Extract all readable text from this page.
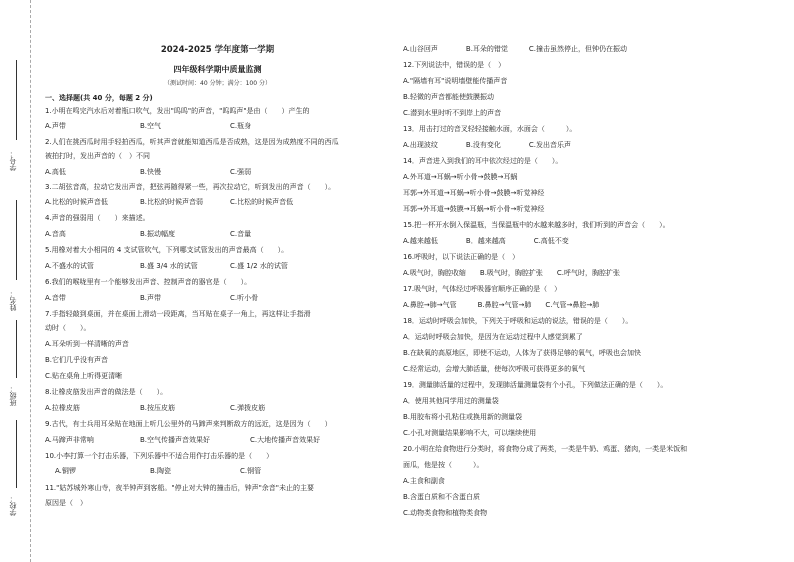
学号：
姓名：
班级：
学校：
2024-2025 学年度第一学期
四年级科学期中质量监测
（测试时间：40 分钟；满分：100 分）
一、选择题(共 40 分，每题 2 分)
1.小明在鸣完汽水后对着瓶口吹气，发出"呜呜"的声音，"呜呜声"是由（　　）产生的
A.声带	B.空气	C.瓶身
2.人们在挑西瓜时用手轻拍西瓜，听其声音就能知道西瓜是否成熟，这是因为成熟度不同的西瓜
被拍打时，发出声音的（　）不同
A.高低	B.快慢	C.强弱
3.二胡弦音高，拉动它发出声音，把弦再随得紧一些，再次拉动它，听到发出的声音（　　）。
A.比松的时候声音低	B.比松的时候声音弱	C.比松的时候声音低
4.声音的强弱用（　　）来描述。
A.音高	B.振动幅度	C.音量
5.用橡对着大小相同的 4 支试管吹气，下列哪支试管发出的声音最高（　　）。
A.不盛水的试管	B.盛 3/4 水的试管	C.盛 1/2 水的试管
6.我们的喉咙里有一个能够发出声音、控制声音的器官是（　　）。
A.音带	B.声带	C.听小骨
7.手指轻敲到桌面，并在桌面上滑动一段距离，当耳贴在桌子一角上，再这样让手指滑
动时（　　）。
A.耳朵听到一样清晰的声音
B.它们几乎没有声音
C.贴在桌角上听得更清晰
8.让橡皮筋发出声音的做法是（　　）。
A.拉橡皮筋	B.按压皮筋	C.弹拨皮筋
9.古代，有士兵用耳朵贴在地面上听几公里外的马蹄声来判断敌方的远近，这是因为（　　）
A.马蹄声非常响	B.空气传播声音效果好	C.大地传播声音效果好
10.小李打算一个打击乐器，下列乐器中不适合用作打击乐器的是（　　）
A.铜锣	B.陶瓷	C.钢管
11."姑苏城外寒山寺，夜半钟声到客船。"停止对大钟的撞击后，钟声"余音"未止的主要
原因是（　）
A.山谷回声　　　　B.耳朵的错觉　　　C.撞击虽然停止，但钟仍在振动
12.下列说法中，错误的是（　）
A."隔墙有耳"说明墙壁能传播声音
B.轻微的声音都能使鼓膜振动
C.潜到水里时听不到岸上的声音
13．用击打过的音叉轻轻接触水面，水面会（　　　）。
A.出现波纹　　　　B.没有变化　　　　C.发出音乐声
14．声音进入到我们的耳中依次经过的是（　　）。
A.外耳道→耳蜗→听小骨→鼓膜→耳蜗
耳郭→外耳道→耳蜗→听小骨→鼓膜→听觉神经
耳郭→外耳道→鼓膜→耳蜗→听小骨→听觉神经
15.把一杯开水倒入保温瓶，当保温瓶中的水越来越多时，我们听到的声音会（　　）。
A.越来越低　　　　B．越来越高　　　　C.高低不变
16.呼吸时，以下说法正确的是（　）
A.吸气时，胸腔收缩　　B.吸气时，胸腔扩张　　C.呼气时，胸腔扩张
17.吸气时，气体经过呼吸器官顺序正确的是（　）
A.鼻腔→肺→气管　　　B.鼻腔→气管→肺　　C.气管→鼻腔→肺
18．运动时呼吸会加快，下列关于呼吸和运动的说法，错误的是（　　）。
A．运动时呼吸会加快，是因为在运动过程中人感觉到累了
B.在缺氧的高原地区，即使不运动，人体为了获得足够的氧气，呼吸也会加快
C.经常运动，会增大肺活量，使每次呼吸可获得更多的氧气
19．测量肺活量的过程中，发现肺活量测量袋有个小孔，下列做法正确的是（　　）。
A．使用其他同学用过的测量袋
B.用胶布将小孔粘住或换用新的测量袋
C.小孔对测量结果影响不大，可以继续使用
20.小明在给食物进行分类时，将食物分成了两类，一类是牛奶、鸡蛋、猪肉，一类是米饭和
面瓜，他是按（　　　）。
A.主食和副食
B.含蛋白质和不含蛋白质
C.动物类食物和植物类食物
